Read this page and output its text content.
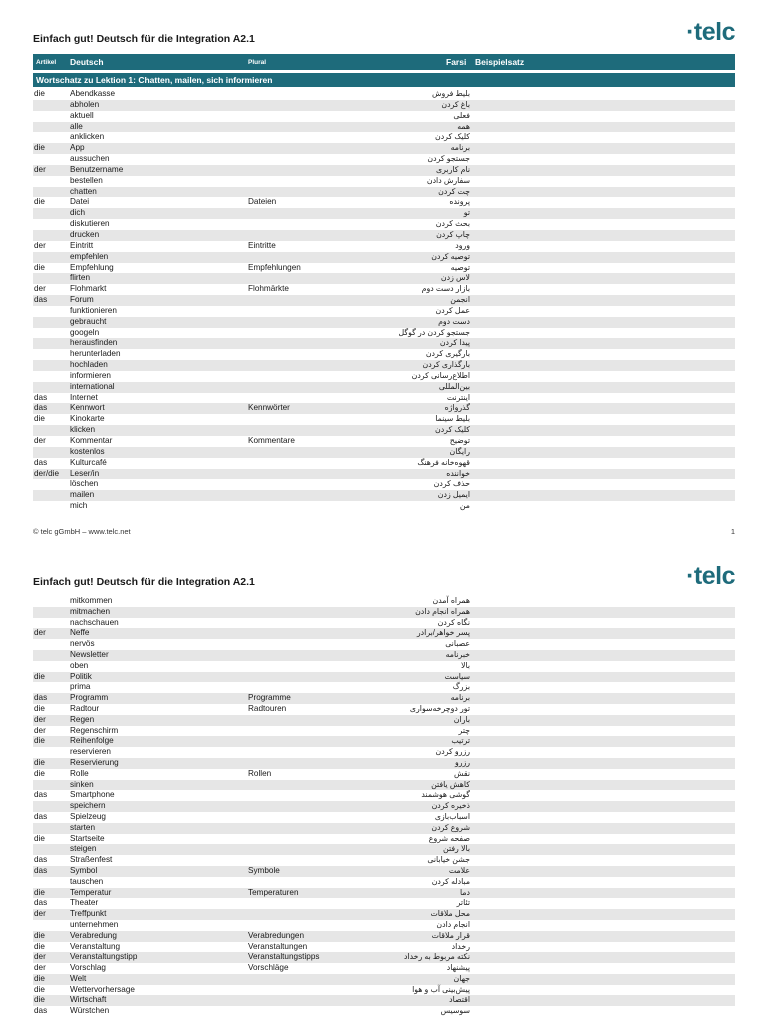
Einfach gut! Deutsch für die Integration A2.1	·telc
Artikel Deutsch	Plural	Farsi Beispielsatz
Wortschatz zu Lektion 1: Chatten, mailen, sich informieren
die	Abendkasse	بلیط فروش
abholen	باغ کردن
aktuell	فعلی
alle	همه
anklicken	کلیک کردن
die	App	برنامه
aussuchen	جستجو کردن
der	Benutzername	نام کاربری
bestellen	سفارش دادن
chatten	چت کردن
die	Datei	Dateien	پرونده
dich	تو
diskutieren	بحث کردن
drucken	چاپ کردن
der	Eintritt	Eintritte	ورود
empfehlen	توصیه کردن
die	Empfehlung	Empfehlungen	توصیه
flirten	لاس زدن
der	Flohmarkt	Flohmärkte	بازار دست دوم
das	Forum	انجمن
funktionieren	عمل کردن
gebraucht	دست دوم
googeln	جستجو کردن در گوگل
herausfinden	پیدا کردن
herunterladen	بارگیری کردن
hochladen	بارگذاری کردن
informieren	اطلاع‌رسانی کردن
international	بین‌المللی
das	Internet	اینترنت
das	Kennwort	Kennwörter	گذرواژه
die	Kinokarte	بلیط سینما
klicken	کلیک کردن
der	Kommentar	Kommentare	توضیح
kostenlos	رایگان
das	Kulturcafé	قهوه‌خانه فرهنگ
der/die Leser/in	خواننده
löschen	حذف کردن
mailen	ایمیل زدن
mich	من
© telc gGmbH – www.telc.net	1
Einfach gut! Deutsch für die Integration A2.1	·telc
mitkommen	همراه آمدن
mitmachen	همراه انجام دادن
nachschauen	نگاه کردن
der	Neffe	پسر خواهر/برادر
nervös	عصبانی
Newsletter	خبرنامه
oben	بالا
die	Politik	سیاست
prima	بزرگ
das	Programm	Programme	برنامه
die	Radtour	Radtouren	تور دوچرخه‌سواری
der	Regen	باران
der	Regenschirm	چتر
die	Reihenfolge	ترتیب
reservieren	رزرو کردن
die	Reservierung	رزرو
die	Rolle	Rollen	نقش
sinken	کاهش یافتن
das	Smartphone	گوشی هوشمند
speichern	ذخیره کردن
das	Spielzeug	اسباب‌بازی
starten	شروع کردن
die	Startseite	صفحه شروع
steigen	بالا رفتن
das	Straßenfest	جشن خیابانی
das	Symbol	Symbole	علامت
tauschen	مبادله کردن
die	Temperatur	Temperaturen	دما
das	Theater	تئاتر
der	Treffpunkt	محل ملاقات
unternehmen	انجام دادن
die	Verabredung	Verabredungen	قرار ملاقات
die	Veranstaltung	Veranstaltungen	رخداد
der	Veranstaltungstipp	Veranstaltungstipps	نکته مربوط به رخداد
der	Vorschlag	Vorschläge	پیشنهاد
die	Welt	جهان
die	Wettervorhersage	پیش‌بینی آب و هوا
die	Wirtschaft	اقتصاد
das	Würstchen	سوسیس
